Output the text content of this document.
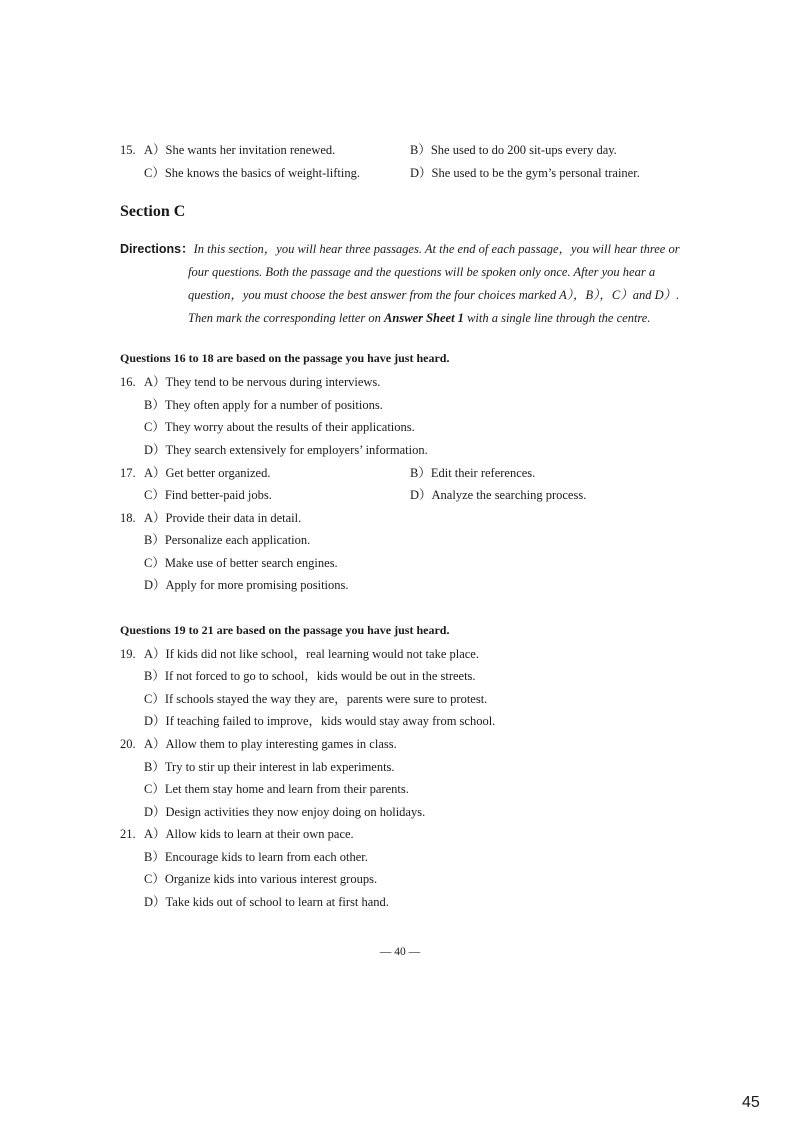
15. A）She wants her invitation renewed.	B）She used to do 200 sit-ups every day.
C）She knows the basics of weight-lifting.	D）She used to be the gym’s personal trainer.
Section C
Directions：In this section，you will hear three passages. At the end of each passage，you will hear three or
four questions. Both the passage and the questions will be spoken only once. After you hear a
question，you must choose the best answer from the four choices marked A），B），C）and D）.
Then mark the corresponding letter on Answer Sheet 1 with a single line through the centre.
Questions 16 to 18 are based on the passage you have just heard.
16. A）They tend to be nervous during interviews.
B）They often apply for a number of positions.
C）They worry about the results of their applications.
D）They search extensively for employers’ information.
17. A）Get better organized.	B）Edit their references.
C）Find better-paid jobs.	D）Analyze the searching process.
18. A）Provide their data in detail.
B）Personalize each application.
C）Make use of better search engines.
D）Apply for more promising positions.
Questions 19 to 21 are based on the passage you have just heard.
19. A）If kids did not like school，real learning would not take place.
B）If not forced to go to school，kids would be out in the streets.
C）If schools stayed the way they are，parents were sure to protest.
D）If teaching failed to improve，kids would stay away from school.
20. A）Allow them to play interesting games in class.
B）Try to stir up their interest in lab experiments.
C）Let them stay home and learn from their parents.
D）Design activities they now enjoy doing on holidays.
21. A）Allow kids to learn at their own pace.
B）Encourage kids to learn from each other.
C）Organize kids into various interest groups.
D）Take kids out of school to learn at first hand.
— 40 —
45
